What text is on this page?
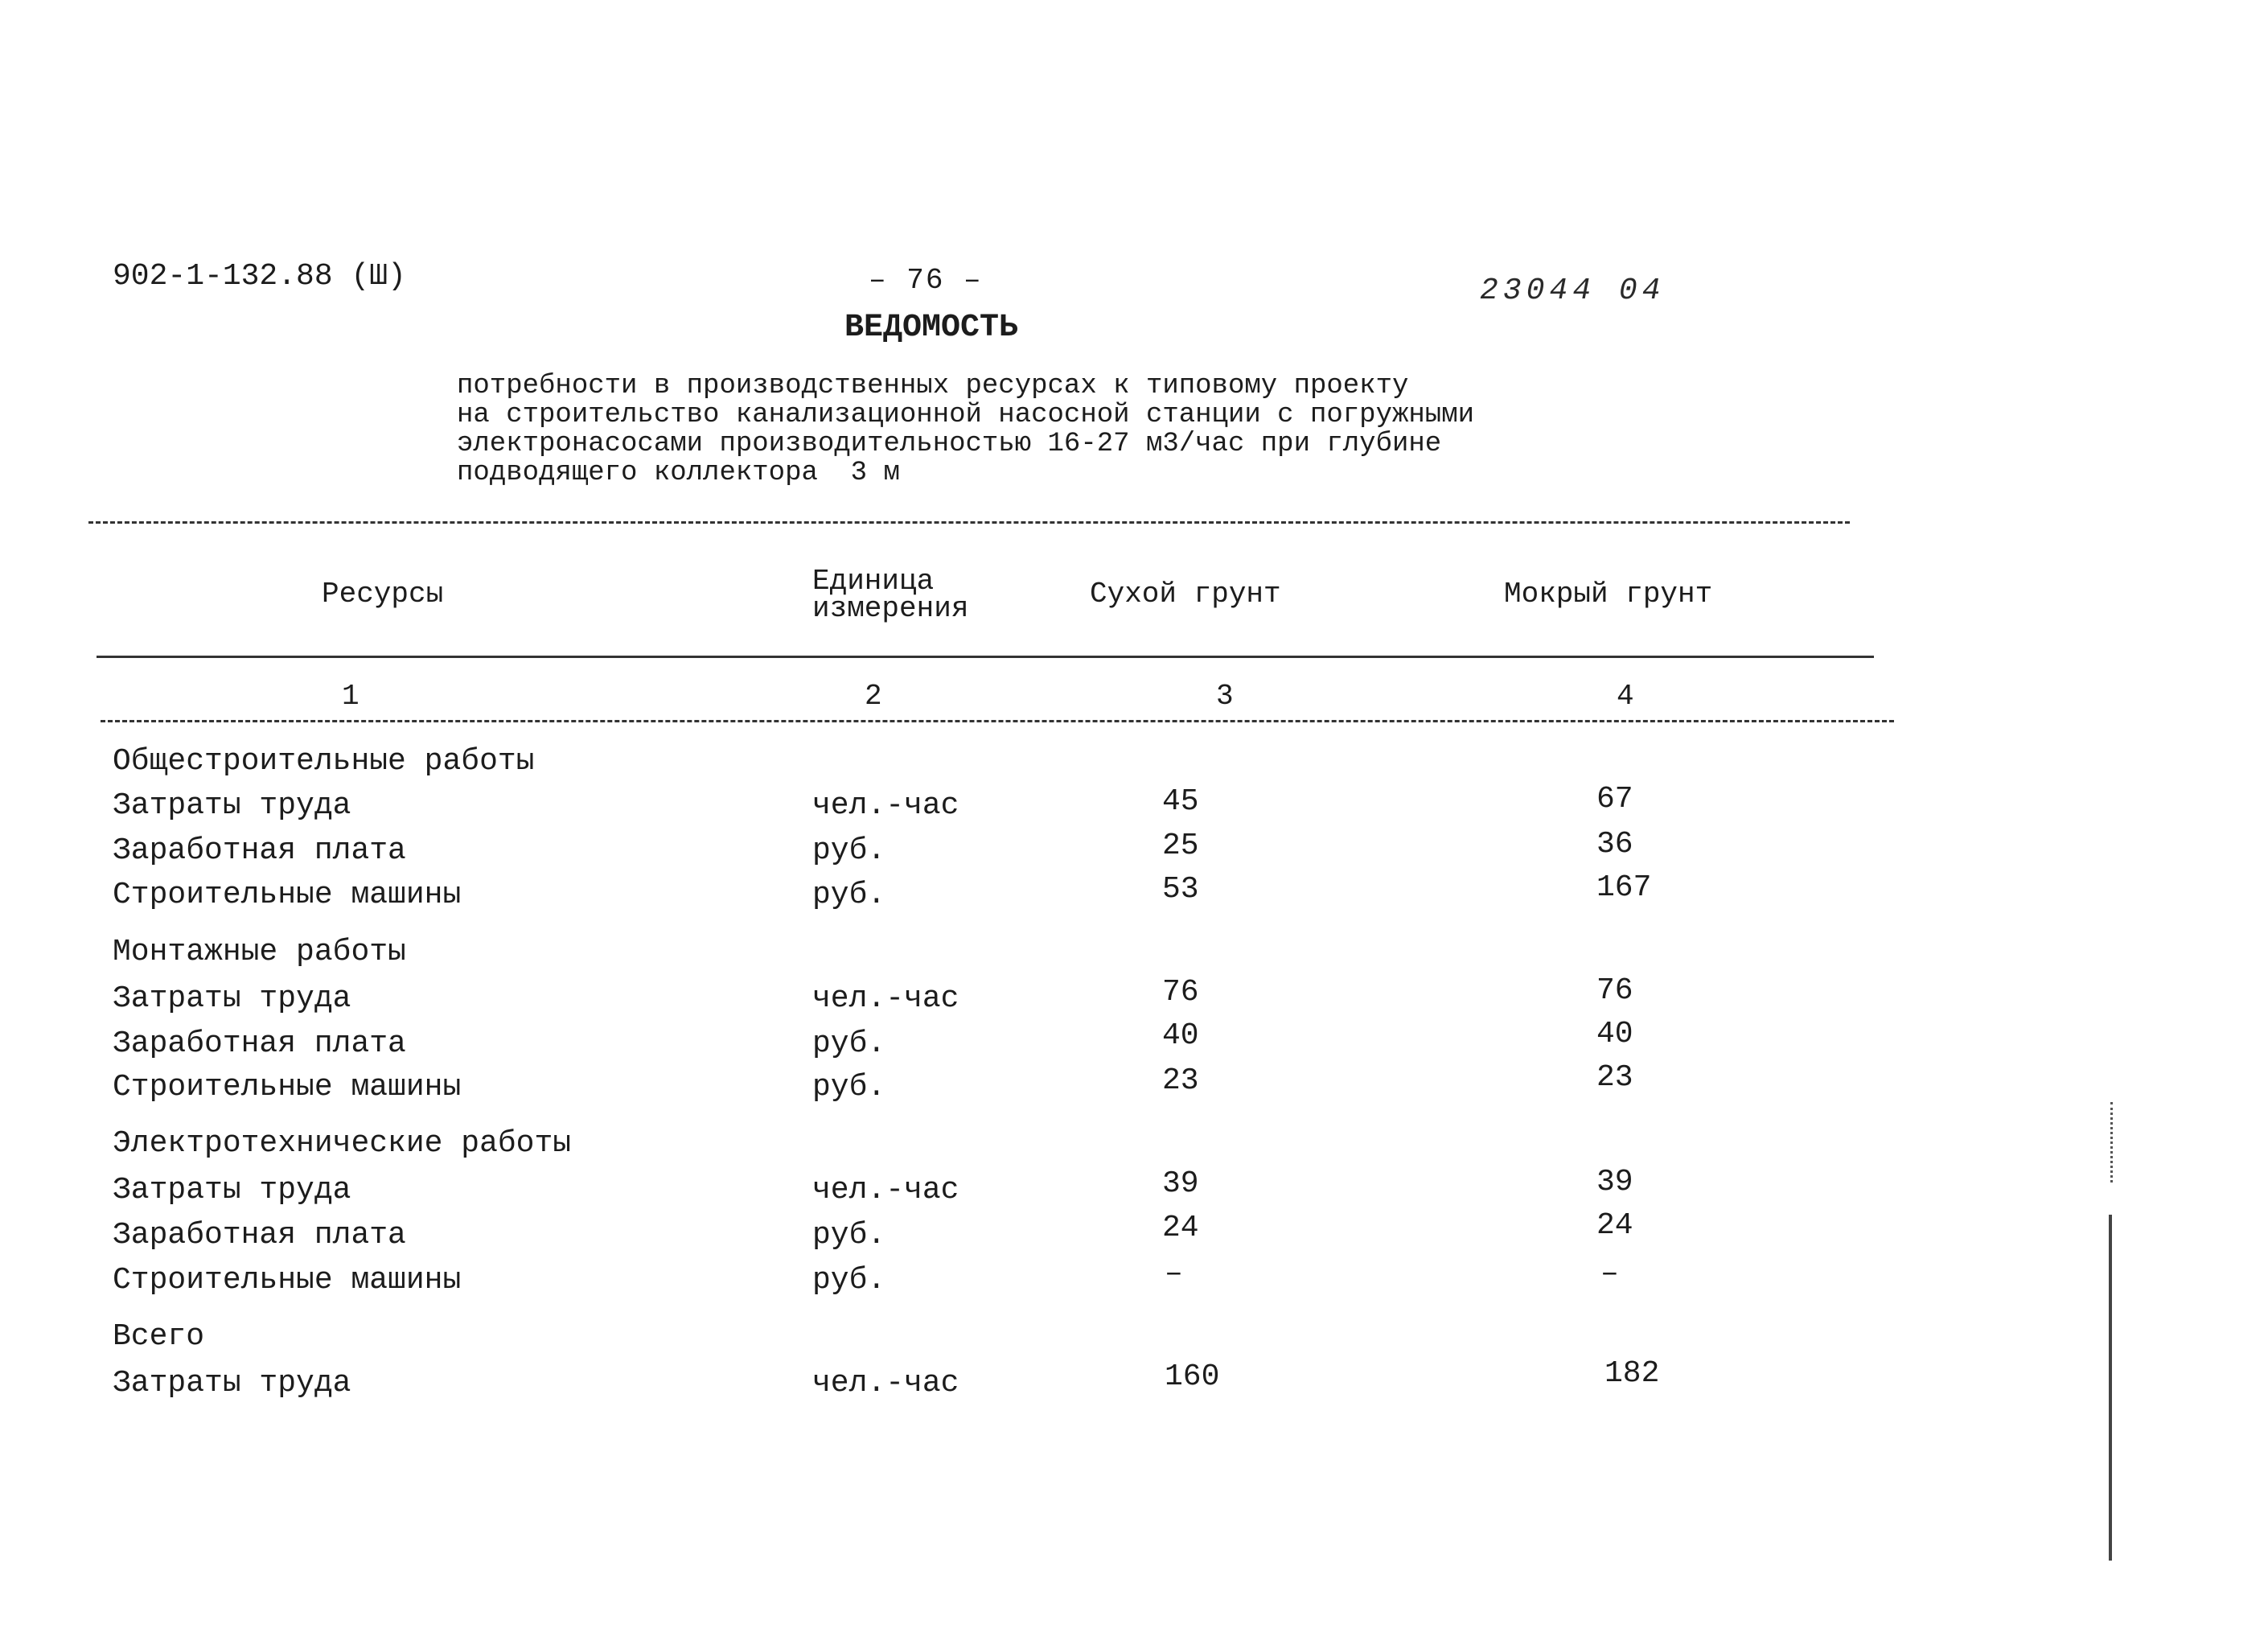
902-1-132.88 (Ш)
–	76 –	23044 04
ВЕДОМОСТЬ
потребности в производственных ресурсах к типовому проекту
на строительство канализационной насосной станции с погружными
электронасосами производительностью 16-27 м3/час при глубине
подводящего коллектора  3 м
Ресурсы	Единица
измерения	Сухой грунт	Мокрый грунт
1	2	3	4
Общестроительные работы
Затраты труда	чел.-час	45	67
Заработная плата	руб.	25	36
Строительные машины	руб.	53	167
Монтажные работы
Затраты труда	чел.-час	76	76
Заработная плата	руб.	40	40
Строительные машины	руб.	23	23
Электротехнические работы
Затраты труда	чел.-час	39	39
Заработная плата	руб.	24	24
Строительные машины	руб.	–	–
Всего
Затраты труда	чел.-час	160	182
